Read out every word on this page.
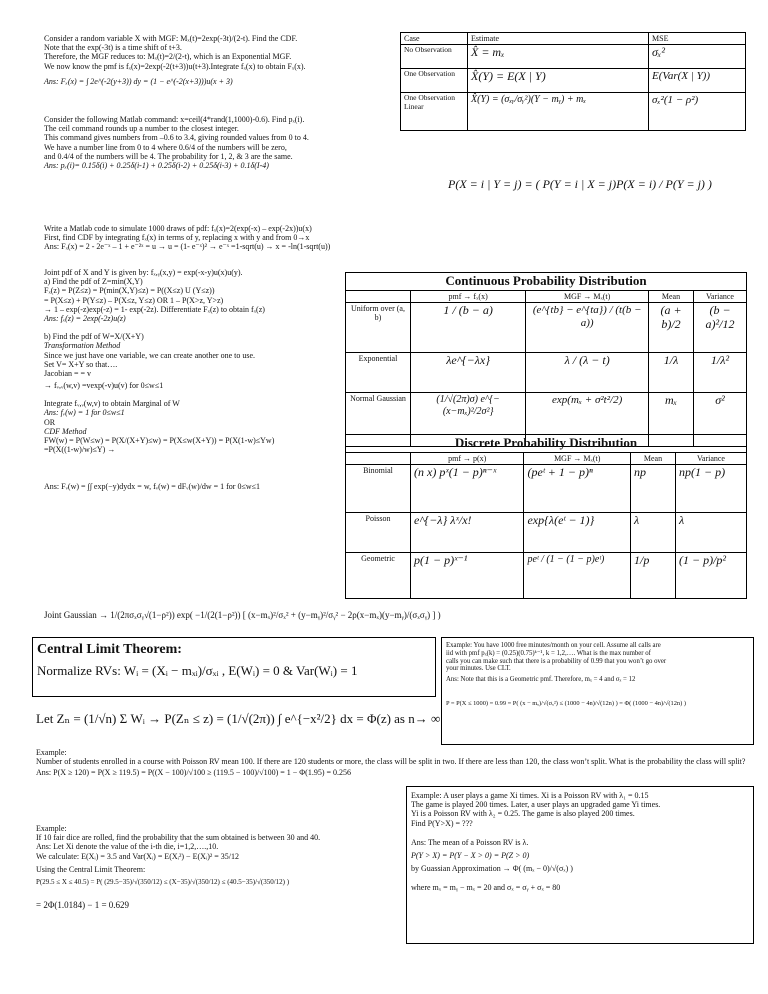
Consider a random variable X with MGF: Mₓ(t)=2exp(-3t)/(2-t). Find the CDF.
Note that the exp(-3t) is a time shift of t+3.
Therefore, the MGF reduces to: Mₓ(t)=2/(2-t), which is an Exponential MGF.
We now know the pmf is fₓ(x)=2exp(-2(t+3))u(t+3).Integrate fₓ(x) to obtain Fₓ(x).
Ans: Fₓ(x) = ∫ 2e^(-2(y+3)) dy = (1 − e^(-2(x+3)))u(x + 3)
Consider the following Matlab command: x=ceil(4*rand(1,1000)-0.6). Find pₓ(i).
The ceil command rounds up a number to the closest integer.
This command gives numbers from –0.6 to 3.4, giving rounded values from 0 to 4.
We have a number line from 0 to 4 where 0.6/4 of the numbers will be zero,
and 0.4/4 of the numbers will be 4. The probability for 1, 2, & 3 are the same.
Ans: pₓ(i)= 0.15δ(i) + 0.25δ(i-1) + 0.25δ(i-2) + 0.25δ(i-3) + 0.1δ(I-4)
Write a Matlab code to simulate 1000 draws of pdf: fₓ(x)=2(exp(-x) – exp(-2x))u(x)
First, find CDF by integrating fₓ(x) in terms of y, replacing x with y and from 0→x
Ans: Fₓ(x) = 2 - 2e⁻ˣ – 1 + e⁻²ˣ = u → u = (1- e⁻ˣ)² → e⁻ˣ =1-sqrt(u) → x = -ln(1-sqrt(u))
Joint pdf of X and Y is given by: fₓ,ᵧ(x,y) = exp(-x-y)u(x)u(y).
a) Find the pdf of Z=min(X,Y)
Fₓ(z) = P(Z≤z) = P(min(X,Y)≤z) = P((X≤z) U (Y≤z))
= P(X≤z) + P(Y≤z) – P(X≤z, Y≤z) OR 1 – P(X>z, Y>z)
→ 1 – exp(-z)exp(-z) = 1- exp(-2z). Differentiate Fₓ(z) to obtain fₓ(z)
Ans: fₓ(z) = 2exp(-2z)u(z)
b) Find the pdf of W=X/(X+Y)
Transformation Method
Since we just have one variable, we can create another one to use.
Set V= X+Y so that….
Jacobian = = v
→ fᵥ,ᵥ(w,v) =vexp(-v)u(v) for 0≤w≤1
Integrate fᵥ,ᵥ(w,v) to obtain Marginal of W
Ans: fᵥ(w) = 1 for 0≤w≤1
OR
CDF Method
FW(w) = P(W≤w) = P(X/(X+Y)≤w) = P(X≤w(X+Y)) = P(X(1-w)≤Yw)
=P(X((1-w)/w)≤Y) →
Ans: Fᵥ(w) = ∫∫ exp(−y)dydx = w, fᵥ(w) = dFᵥ(w)/dw = 1 for 0≤w≤1
Case	Estimate	MSE
No Observation	X̂ = mₓ	σₓ²
One Observation	X̂(Y) = E(X | Y)	E(Var(X | Y))
One Observation Linear	X̂(Y) = (σₓᵧ/σᵧ²)(Y − mᵧ) + mₓ	σₓ²(1 − ρ²)
P(X = i | Y = j) = ( P(Y = i | X = j)P(X = i) / P(Y = j) )
Continuous Probability Distribution				
	pmf → fₓ(x)	MGF → Mₓ(t)	Mean	Variance
Uniform over (a, b)	1 / (b − a)	(e^{tb} − e^{ta}) / (t(b − a))	(a + b)/2	(b − a)²/12
Exponential	λe^{−λx}	λ / (λ − t)	1/λ	1/λ²
Normal Gaussian	(1/√(2π)σ) e^{−(x−mₓ)²/2σ²}	exp(mₓ + σ²t²/2)	mₓ	σ²
Discrete Probability Distribution				
	pmf → p(x)	MGF → Mₓ(t)	Mean	Variance
Binomial	(n x) pˣ(1 − p)ⁿ⁻ˣ	(peᵗ + 1 − p)ⁿ	np	np(1 − p)
Poisson	e^{−λ} λˣ/x!	exp{λ(eᵗ − 1)}	λ	λ
Geometric	p(1 − p)ˣ⁻¹	peᵗ / (1 − (1 − p)eᵗ)	1/p	(1 − p)/p²
Joint Gaussian → 1/(2πσₓσᵧ√(1−ρ²)) exp( −1/(2(1−ρ²)) [ (x−mₓ)²/σₓ² + (y−mᵧ)²/σᵧ² − 2ρ(x−mₓ)(y−mᵧ)/(σₓσᵧ) ] )
Central Limit Theorem:
Normalize RVs: Wᵢ = (Xᵢ − mₓᵢ)/σₓᵢ , E(Wᵢ) = 0 & Var(Wᵢ) = 1
Let Zₙ = (1/√n) Σ Wᵢ → P(Zₙ ≤ z) = (1/√(2π)) ∫ e^{−x²/2} dx = Φ(z) as n→ ∞
Example:
Number of students enrolled in a course with Poisson RV mean 100. If there are 120 students or more, the class will be split in two. If there are less than 120, the class won’t split. What is the probability the class will split?
Ans: P(X ≥ 120) = P(X ≥ 119.5) = P((X − 100)/√100 ≥ (119.5 − 100)/√100) = 1 − Φ(1.95) = 0.256
Example:
If 10 fair dice are rolled, find the probability that the sum obtained is between 30 and 40.
Ans: Let Xi denote the value of the i-th die, i=1,2,….,10.
We calculate: E(Xᵢ) = 3.5 and Var(Xᵢ) = E(Xᵢ²) − E(Xᵢ)² = 35/12
Using the Central Limit Theorem:
P(29.5 ≤ X ≤ 40.5) = P( (29.5−35)/√(350/12) ≤ (X−35)/√(350/12) ≤ (40.5−35)/√(350/12) )
= 2Φ(1.0184) − 1 = 0.629
Example: You have 1000 free minutes/month on your cell. Assume all calls are
iid with pmf pₓ(k) = (0.25)(0.75)ᵏ⁻¹, k = 1,2,…. What is the max number of
calls you can make such that there is a probability of 0.99 that you won’t go over
your minutes. Use CLT.
Ans: Note that this is a Geometric pmf. Therefore, mₓ = 4 and σₓ = 12
P = P(X ≤ 1000) = 0.99 = P( (x − mₓ)/√(σₓ²) ≤ (1000 − 4n)/√(12n) ) = Φ( (1000 − 4n)/√(12n) )
Example: A user plays a game Xi times. Xi is a Poisson RV with λ₁ = 0.15
The game is played 200 times. Later, a user plays an upgraded game Yi times.
Yi is a Poisson RV with λ₂ = 0.25. The game is also played 200 times.
Find P(Y>X) = ???
Ans: The mean of a Poisson RV is λ.
P(Y > X) = P(Y − X > 0) = P(Z > 0)
by Guassian Approximation → Φ( (mₓ − 0)/√(σₓ) )
where mₓ = mᵧ − mₓ = 20 and σₓ = σᵧ + σₓ = 80
